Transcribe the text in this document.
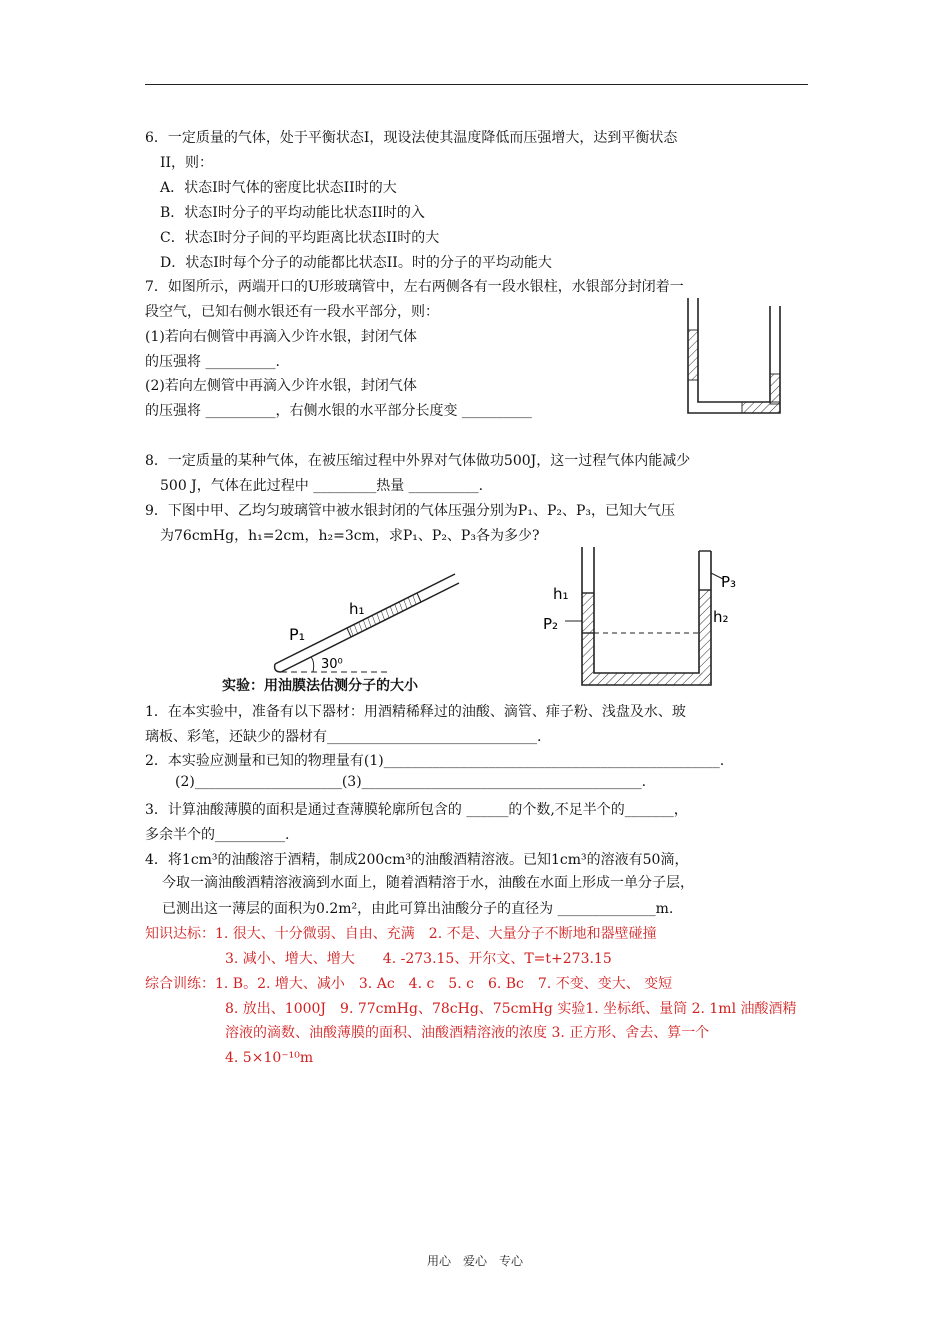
6．一定质量的气体，处于平衡状态I，现设法使其温度降低而压强增大，达到平衡状态
II，则：
A．状态I时气体的密度比状态II时的大
B．状态I时分子的平均动能比状态II时的入
C．状态I时分子间的平均距离比状态II时的大
D．状态I时每个分子的动能都比状态II。时的分子的平均动能大
7．如图所示，两端开口的U形玻璃管中，左右两侧各有一段水银柱，水银部分封闭着一
段空气，已知右侧水银还有一段水平部分，则：
(1)若向右侧管中再滴入少许水银，封闭气体
的压强将 __________.
(2)若向左侧管中再滴入少许水银，封闭气体
的压强将 __________，右侧水银的水平部分长度变 __________
8．一定质量的某种气体，在被压缩过程中外界对气体做功500J，这一过程气体内能减少
500 J，气体在此过程中 _________热量 __________.
9．下图中甲、乙均匀玻璃管中被水银封闭的气体压强分别为P₁、P₂、P₃，已知大气压
为76cmHg，h₁=2cm，h₂=3cm，求P₁、P₂、P₃各为多少?
h₁
P₁
30⁰
h₁
P₂
P₃
h₂
实验：用油膜法估测分子的大小
1．在本实验中，准备有以下器材：用酒精稀释过的油酸、滴管、痱子粉、浅盘及水、玻
璃板、彩笔，还缺少的器材有______________________________.
2．本实验应测量和已知的物理量有(1)________________________________________________.
(2)_____________________(3)________________________________________.
3．计算油酸薄膜的面积是通过查薄膜轮廓所包含的 ______的个数,不足半个的_______，
多余半个的__________.
4．将1cm³的油酸溶于酒精，制成200cm³的油酸酒精溶液。已知1cm³的溶液有50滴，
今取一滴油酸酒精溶液滴到水面上，随着酒精溶于水，油酸在水面上形成一单分子层，
已测出这一薄层的面积为0.2m²，由此可算出油酸分子的直径为 ______________m.
知识达标：1. 很大、十分微弱、自由、充满　2. 不是、大量分子不断地和器壁碰撞
3. 减小、增大、增大　　4. -273.15、开尔文、T=t+273.15
综合训练：1. B。2. 增大、减小　3. Ac　4. c　5. c　6. Bc　7. 不变、变大、 变短
8. 放出、1000J　9. 77cmHg、78cHg、75cmHg 实验1. 坐标纸、量筒 2. 1ml 油酸酒精
溶液的滴数、油酸薄膜的面积、油酸酒精溶液的浓度 3. 正方形、舍去、算一个
4. 5×10⁻¹⁰m
用心　爱心　专心
